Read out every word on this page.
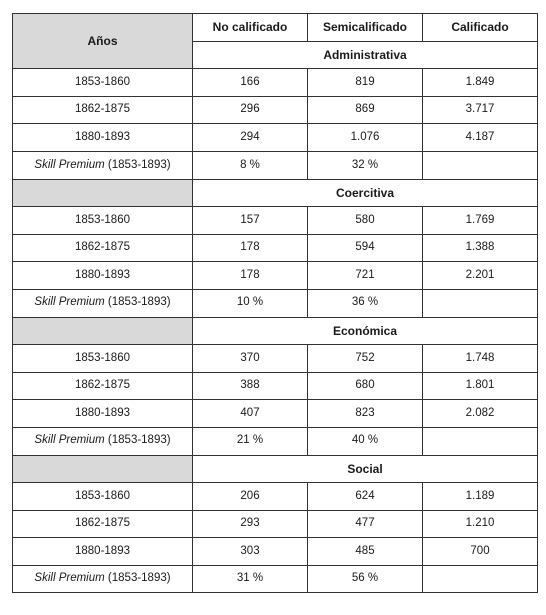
Años	No calificado	Semicalificado	Calificado
	Administrativa		
1853-1860	166	819	1.849
1862-1875	296	869	3.717
1880-1893	294	1.076	4.187
Skill Premium (1853-1893)	8 %	32 %	
	Coercitiva		
1853-1860	157	580	1.769
1862-1875	178	594	1.388
1880-1893	178	721	2.201
Skill Premium (1853-1893)	10 %	36 %	
	Económica		
1853-1860	370	752	1.748
1862-1875	388	680	1.801
1880-1893	407	823	2.082
Skill Premium (1853-1893)	21 %	40 %	
	Social		
1853-1860	206	624	1.189
1862-1875	293	477	1.210
1880-1893	303	485	700
Skill Premium (1853-1893)	31 %	56 %	
